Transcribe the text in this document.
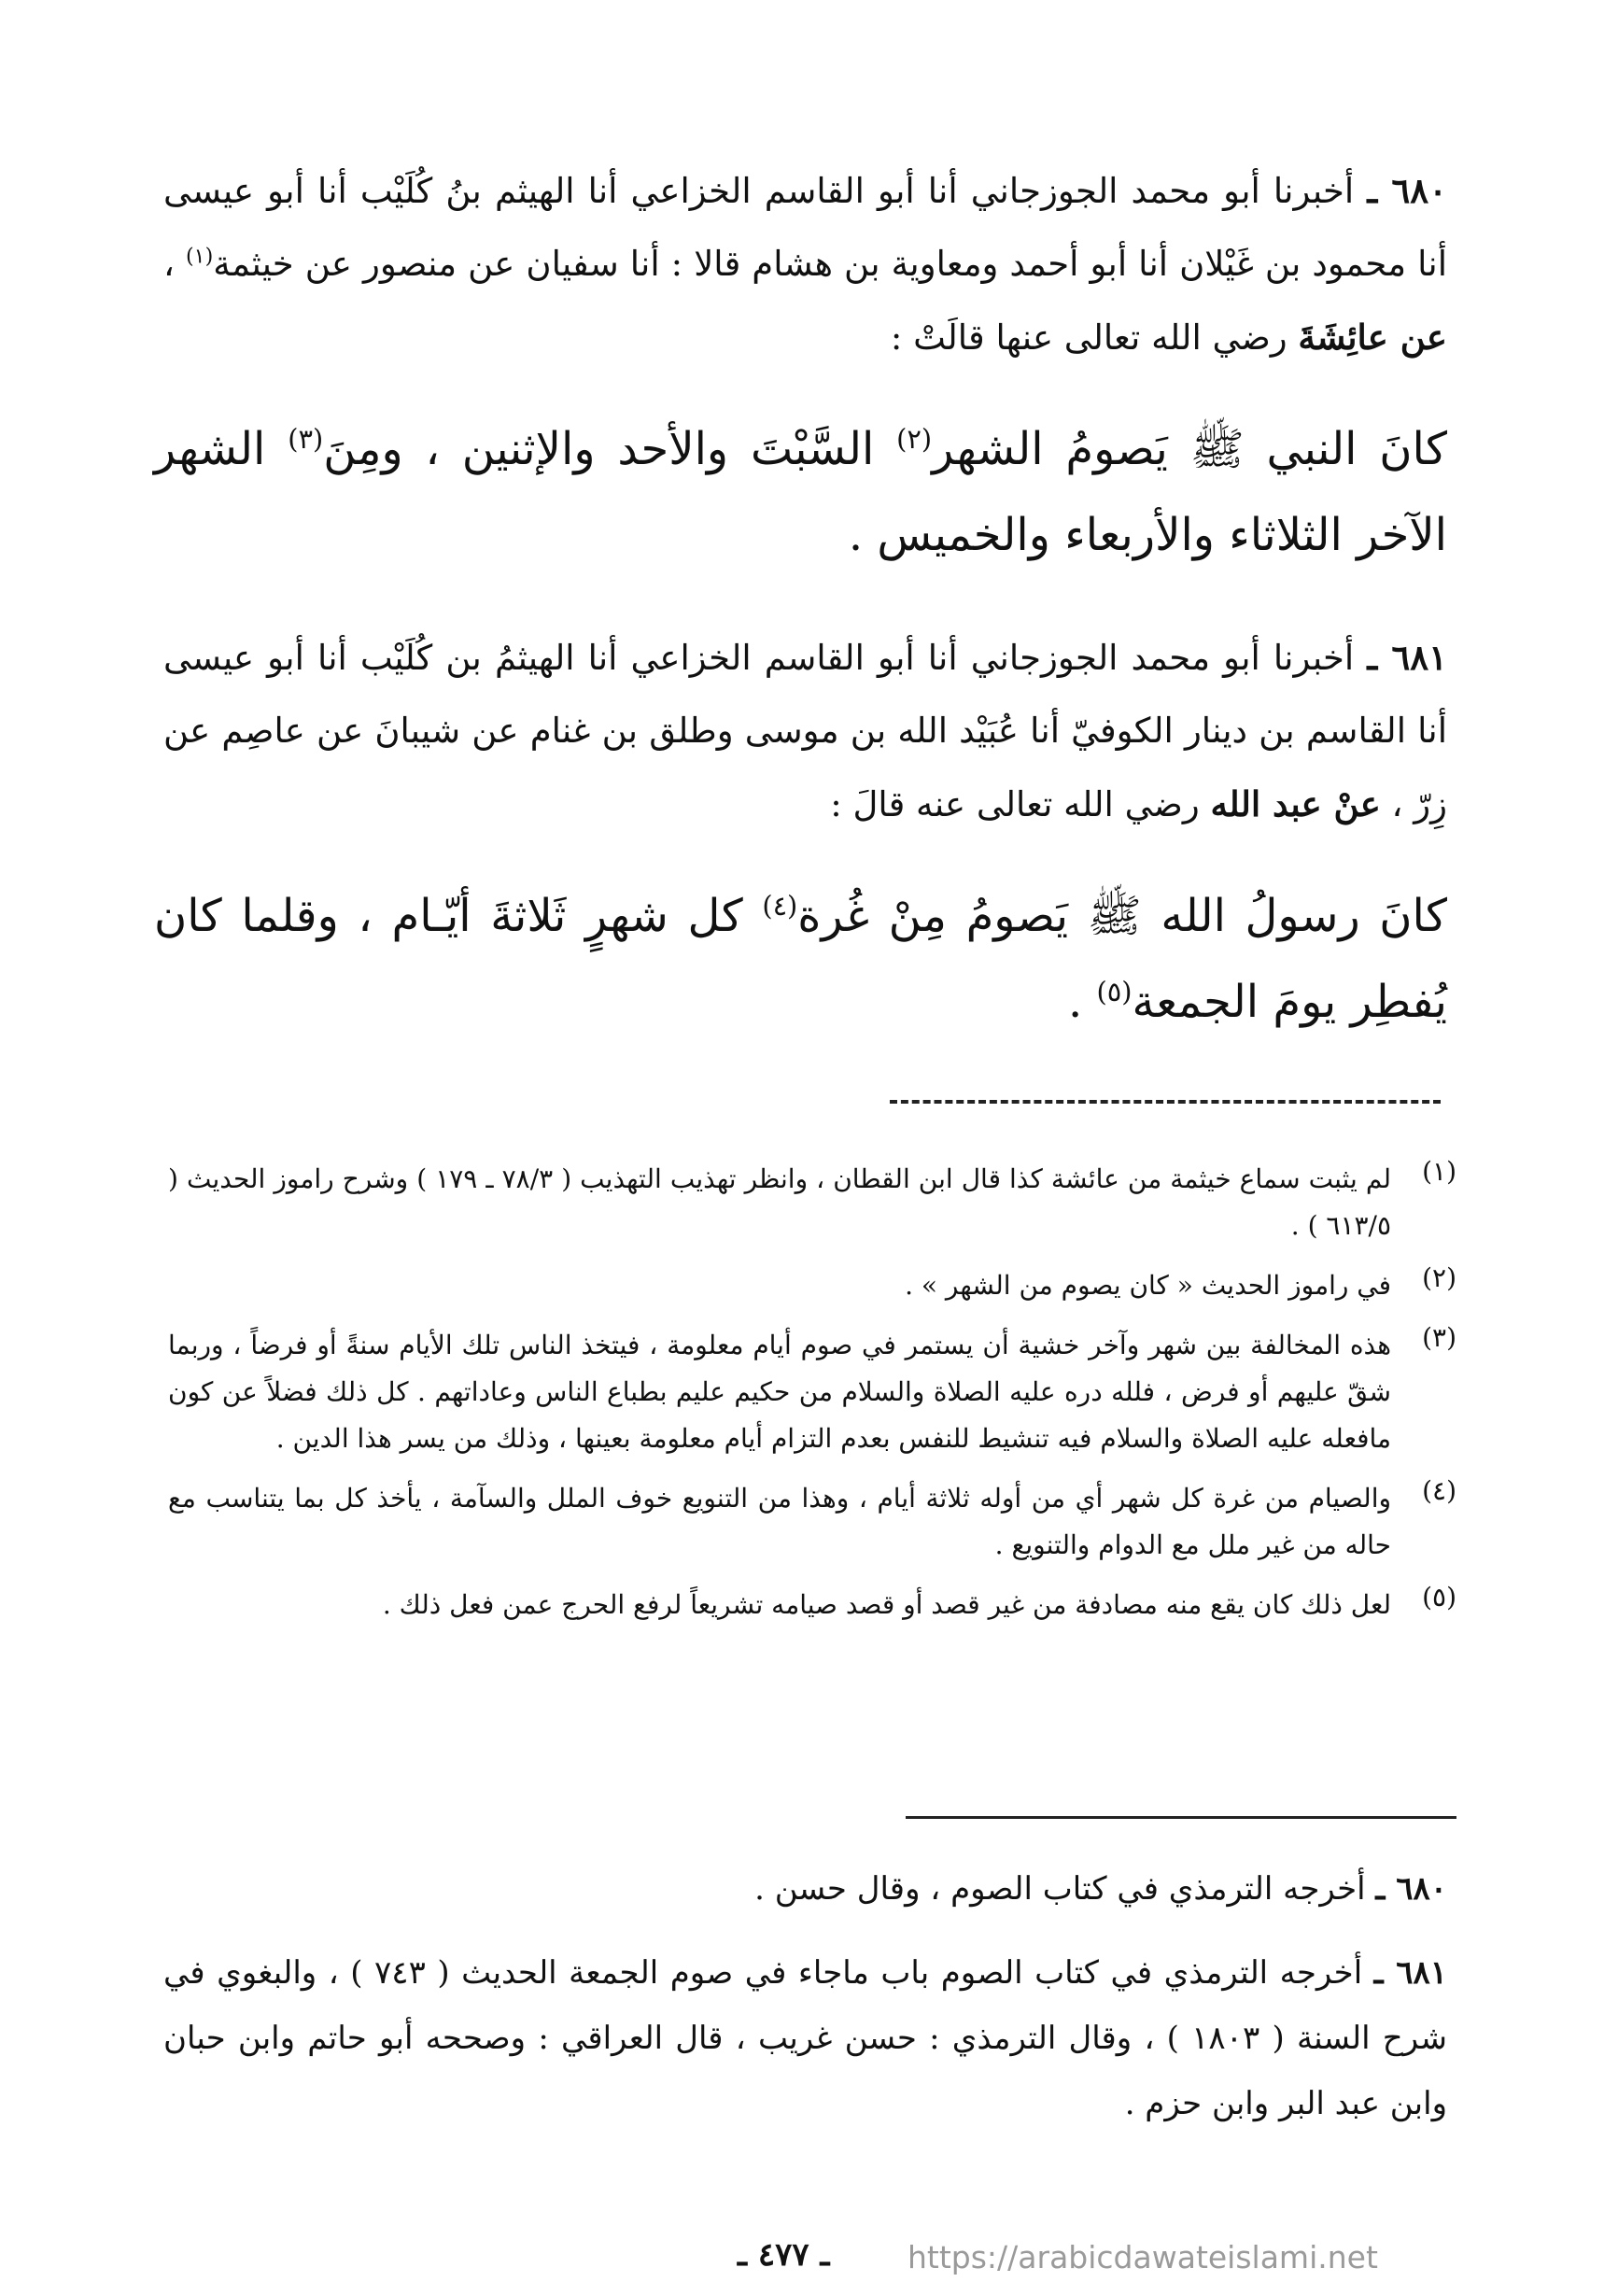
٦٨٠ ـ أخبرنا أبو محمد الجوزجاني أنا أبو القاسم الخزاعي أنا الهيثم بنُ كُلَيْب أنا أبو عيسى أنا محمود بن غَيْلان أنا أبو أحمد ومعاوية بن هشام قالا : أنا سفيان عن منصور عن خيثمة$^{(١)}$ ، عن عائِشَةَ رضي الله تعالى عنها قالَتْ :
كانَ النبي ﷺ يَصومُ الشهر$^{(٢)}$ السَّبْتَ والأحد والإثنين ، ومِنَ$^{(٣)}$ الشهر الآخر الثلاثاء والأربعاء والخميس .
٦٨١ ـ أخبرنا أبو محمد الجوزجاني أنا أبو القاسم الخزاعي أنا الهيثمُ بن كُلَيْب أنا أبو عيسى أنا القاسم بن دينار الكوفيّ أنا عُبَيْد الله بن موسى وطلق بن غنام عن شيبانَ عن عاصِم عن زِرّ ، عنْ عبد الله رضي الله تعالى عنه قالَ :
كانَ رسولُ الله ﷺ يَصومُ مِنْ غُرة$^{(٤)}$ كل شهرٍ ثَلاثةَ أيّـام ، وقلما كان يُفطِر يومَ الجمعة$^{(٥)}$ .
(١)
لم يثبت سماع خيثمة من عائشة كذا قال ابن القطان ، وانظر تهذيب التهذيب ( ٧٨/٣ ـ ١٧٩ ) وشرح راموز الحديث ( ٦١٣/٥ ) .
(٢)
في راموز الحديث « كان يصوم من الشهر » .
(٣)
هذه المخالفة بين شهر وآخر خشية أن يستمر في صوم أيام معلومة ، فيتخذ الناس تلك الأيام سنةً أو فرضاً ، وربما شقّ عليهم أو فرض ، فلله دره عليه الصلاة والسلام من حكيم عليم بطباع الناس وعاداتهم . كل ذلك فضلاً عن كون مافعله عليه الصلاة والسلام فيه تنشيط للنفس بعدم التزام أيام معلومة بعينها ، وذلك من يسر هذا الدين .
(٤)
والصيام من غرة كل شهر أي من أوله ثلاثة أيام ، وهذا من التنويع خوف الملل والسآمة ، يأخذ كل بما يتناسب مع حاله من غير ملل مع الدوام والتنويع .
(٥)
لعل ذلك كان يقع منه مصادفة من غير قصد أو قصد صيامه تشريعاً لرفع الحرج عمن فعل ذلك .
٦٨٠ ـ أخرجه الترمذي في كتاب الصوم ، وقال حسن .
٦٨١ ـ أخرجه الترمذي في كتاب الصوم باب ماجاء في صوم الجمعة الحديث ( ٧٤٣ ) ، والبغوي في شرح السنة ( ١٨٠٣ ) ، وقال الترمذي : حسن غريب ، قال العراقي : وصححه أبو حاتم وابن حبان وابن عبد البر وابن حزم .
ـ ٤٧٧ ـ	https://arabicdawateislami.net
